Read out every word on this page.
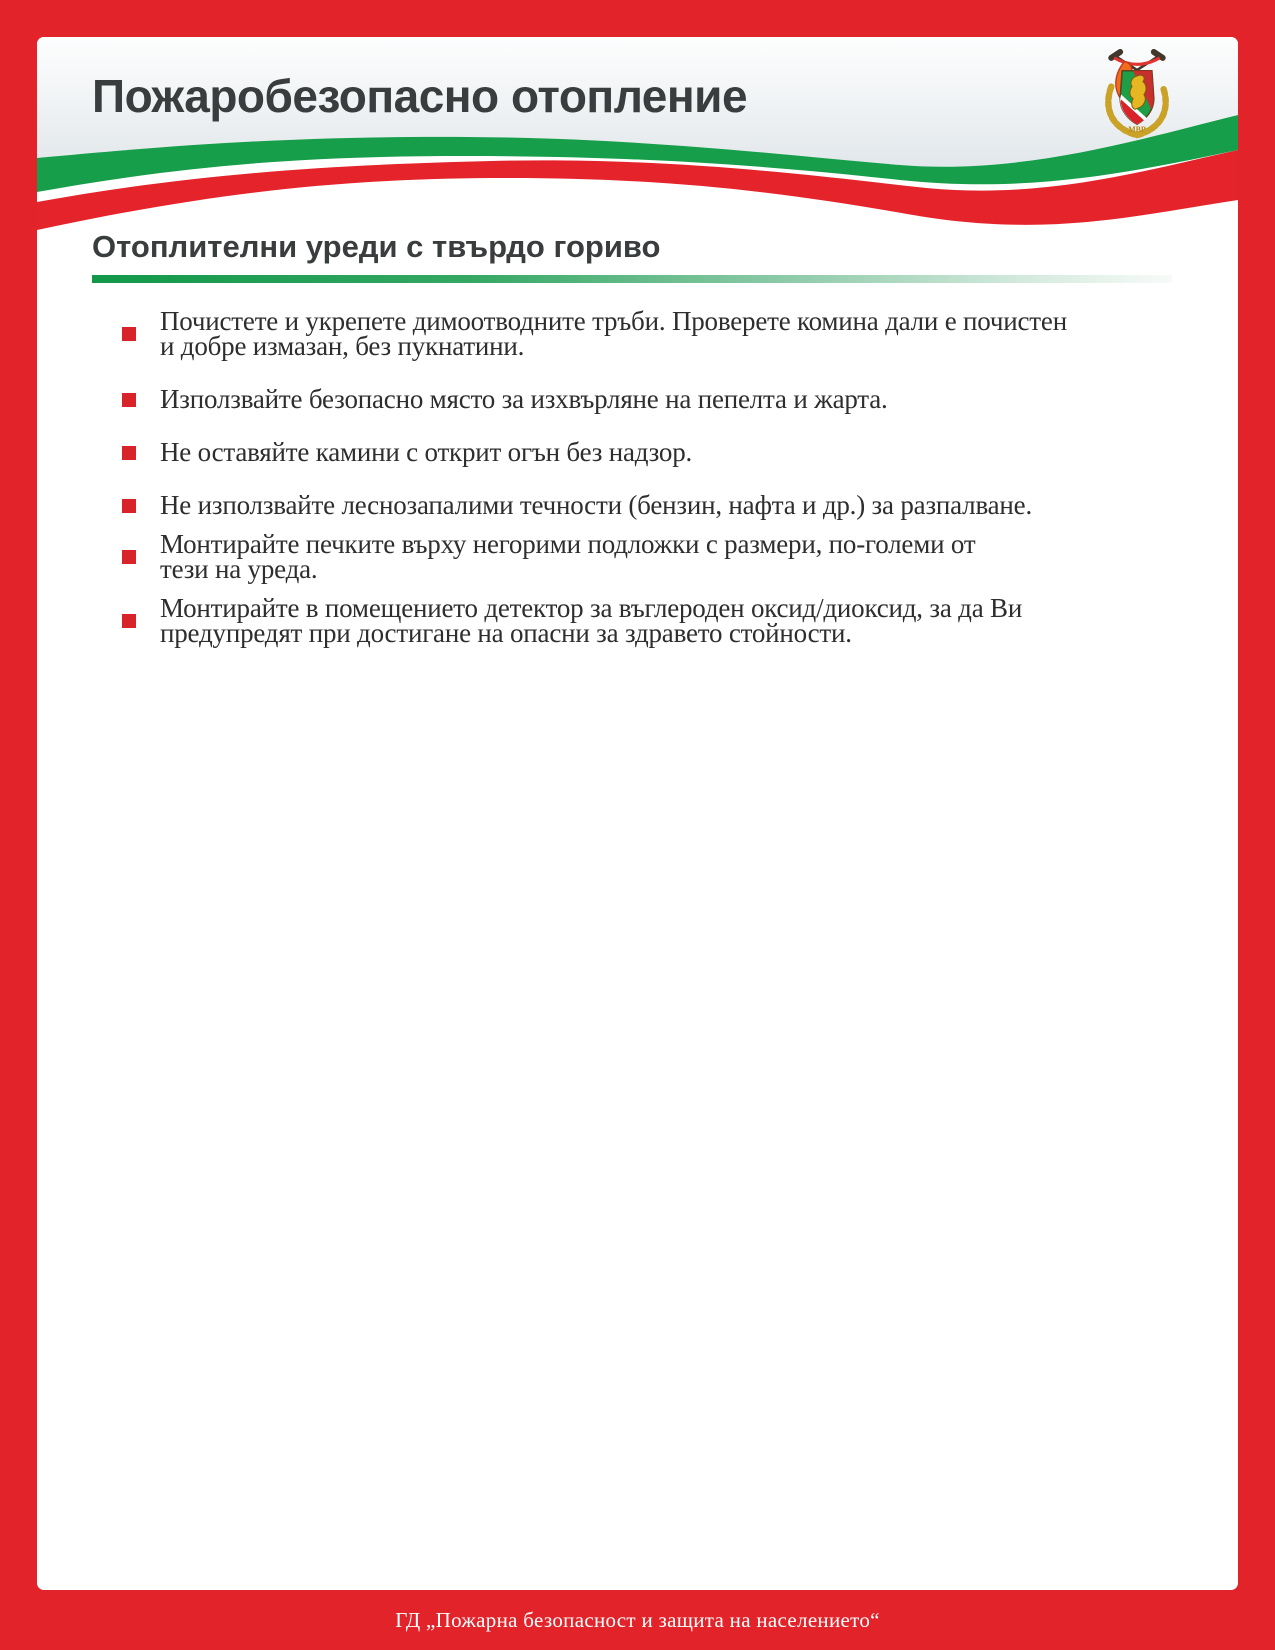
Пожаробезопасно отопление
МВР
Отоплителни уреди с твърдо гориво
Почистете и укрепете димоотводните тръби. Проверете комина дали е почистен
и добре измазан, без пукнатини.
Използвайте безопасно място за изхвърляне на пепелта и жарта.
Не оставяйте камини с открит огън без надзор.
Не използвайте леснозапалими течности (бензин, нафта и др.) за разпалване.
Монтирайте печките върху негорими подложки с размери, по-големи от
тези на уреда.
Монтирайте в помещението детектор за въглероден оксид/диоксид, за да Ви
предупредят при достигане на опасни за здравето стойности.
ГД „Пожарна безопасност и защита на населението“
